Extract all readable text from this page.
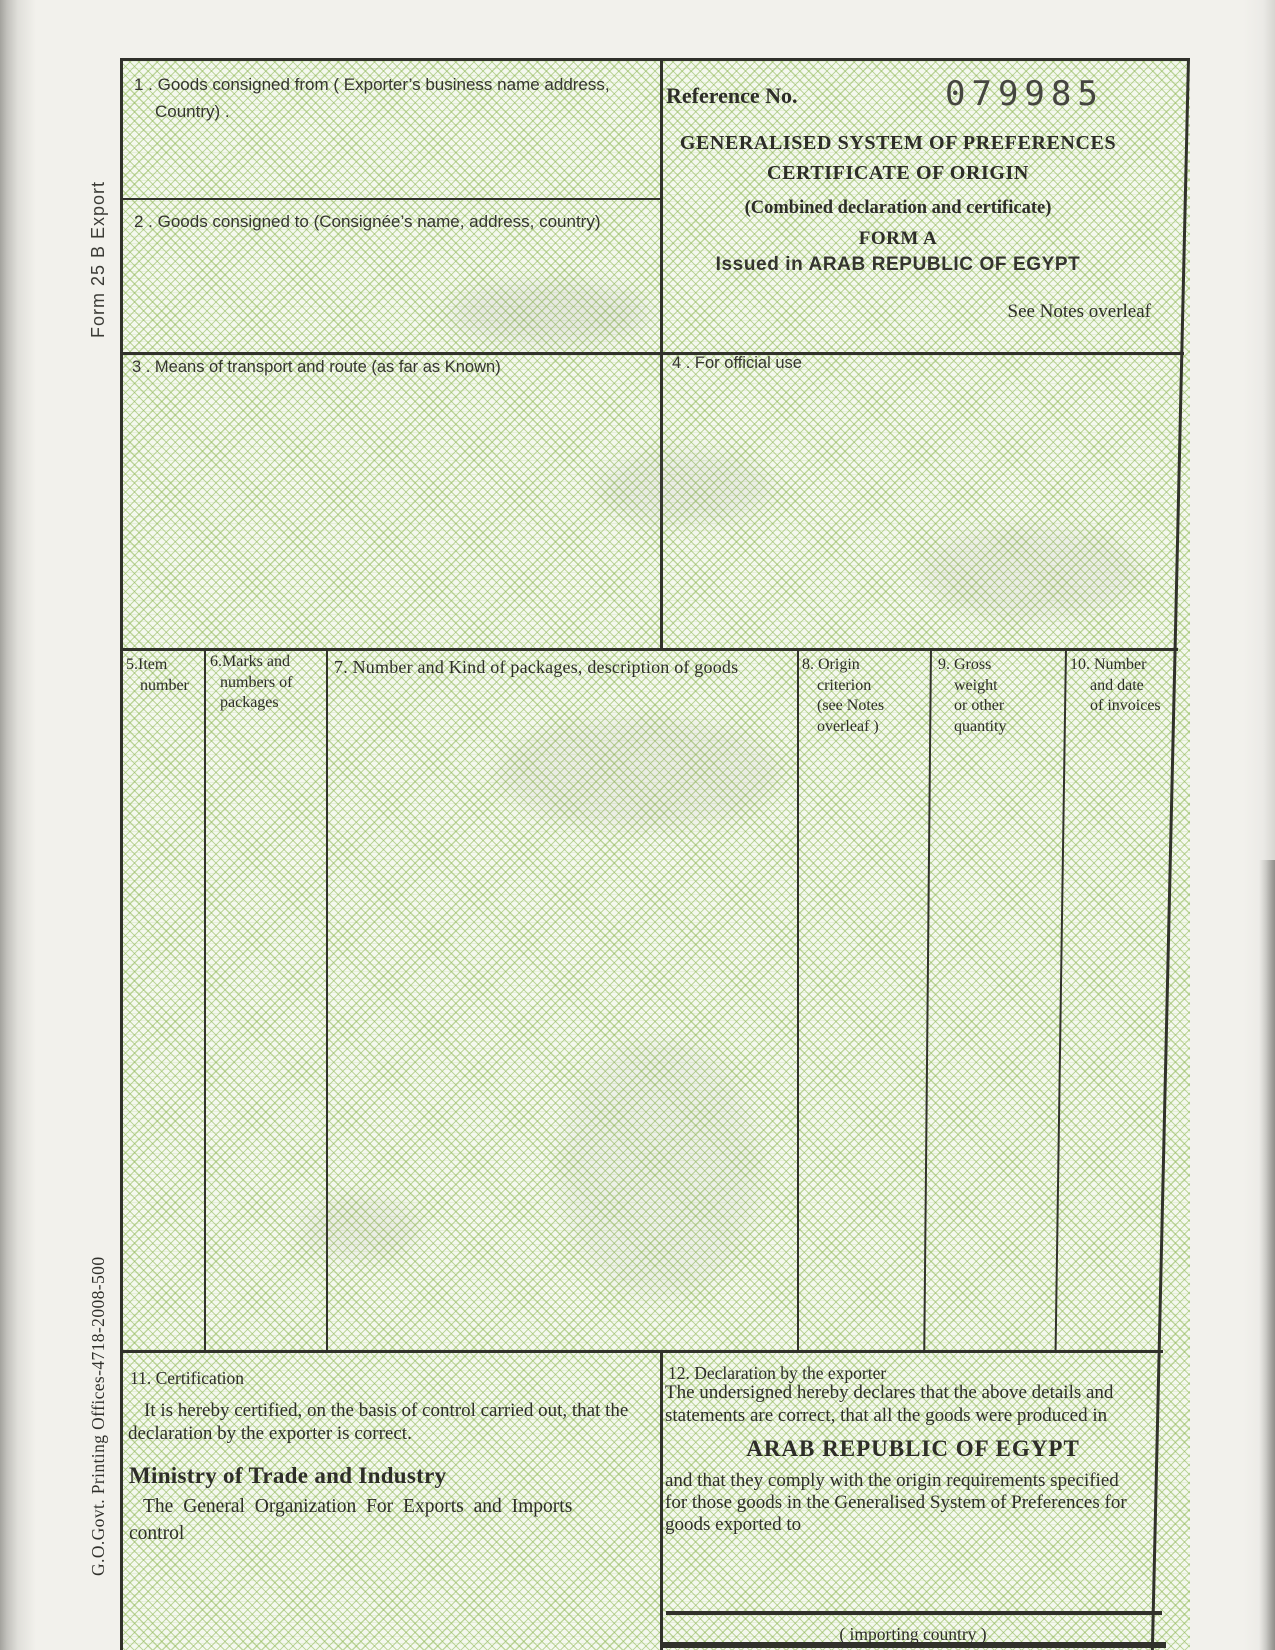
Form 25 B Export
G.O.Govt. Printing Offices-4718-2008-500
1 . Goods consigned from ( Exporter’s business name address,
Country) .
2 . Goods consigned to (Consignée’s name, address, country)
3 . Means of transport and route (as far as Known)	4 . For official use
Reference No.	079985
GENERALISED SYSTEM OF PREFERENCES
CERTIFICATE OF ORIGIN
(Combined declaration and certificate)
FORM A
Issued in ARAB REPUBLIC OF EGYPT
See Notes overleaf
5.Item
number
6.Marks and
numbers of
packages
7. Number and Kind of packages, description of goods	8. Origin
criterion
(see Notes
overleaf )
9. Gross
weight
or other
quantity
10. Number
and date
of invoices
11. Certification
It is hereby certified, on the basis of control carried out, that the
declaration by the exporter is correct.
Ministry of Trade and Industry
The General Organization For Exports and Imports
control
12. Declaration by the exporter
The undersigned hereby declares that the above details and
statements are correct, that all the goods were produced in
ARAB REPUBLIC OF EGYPT
and that they comply with the origin requirements specified
for those goods in the Generalised System of Preferences for
goods exported to
( importing country )
